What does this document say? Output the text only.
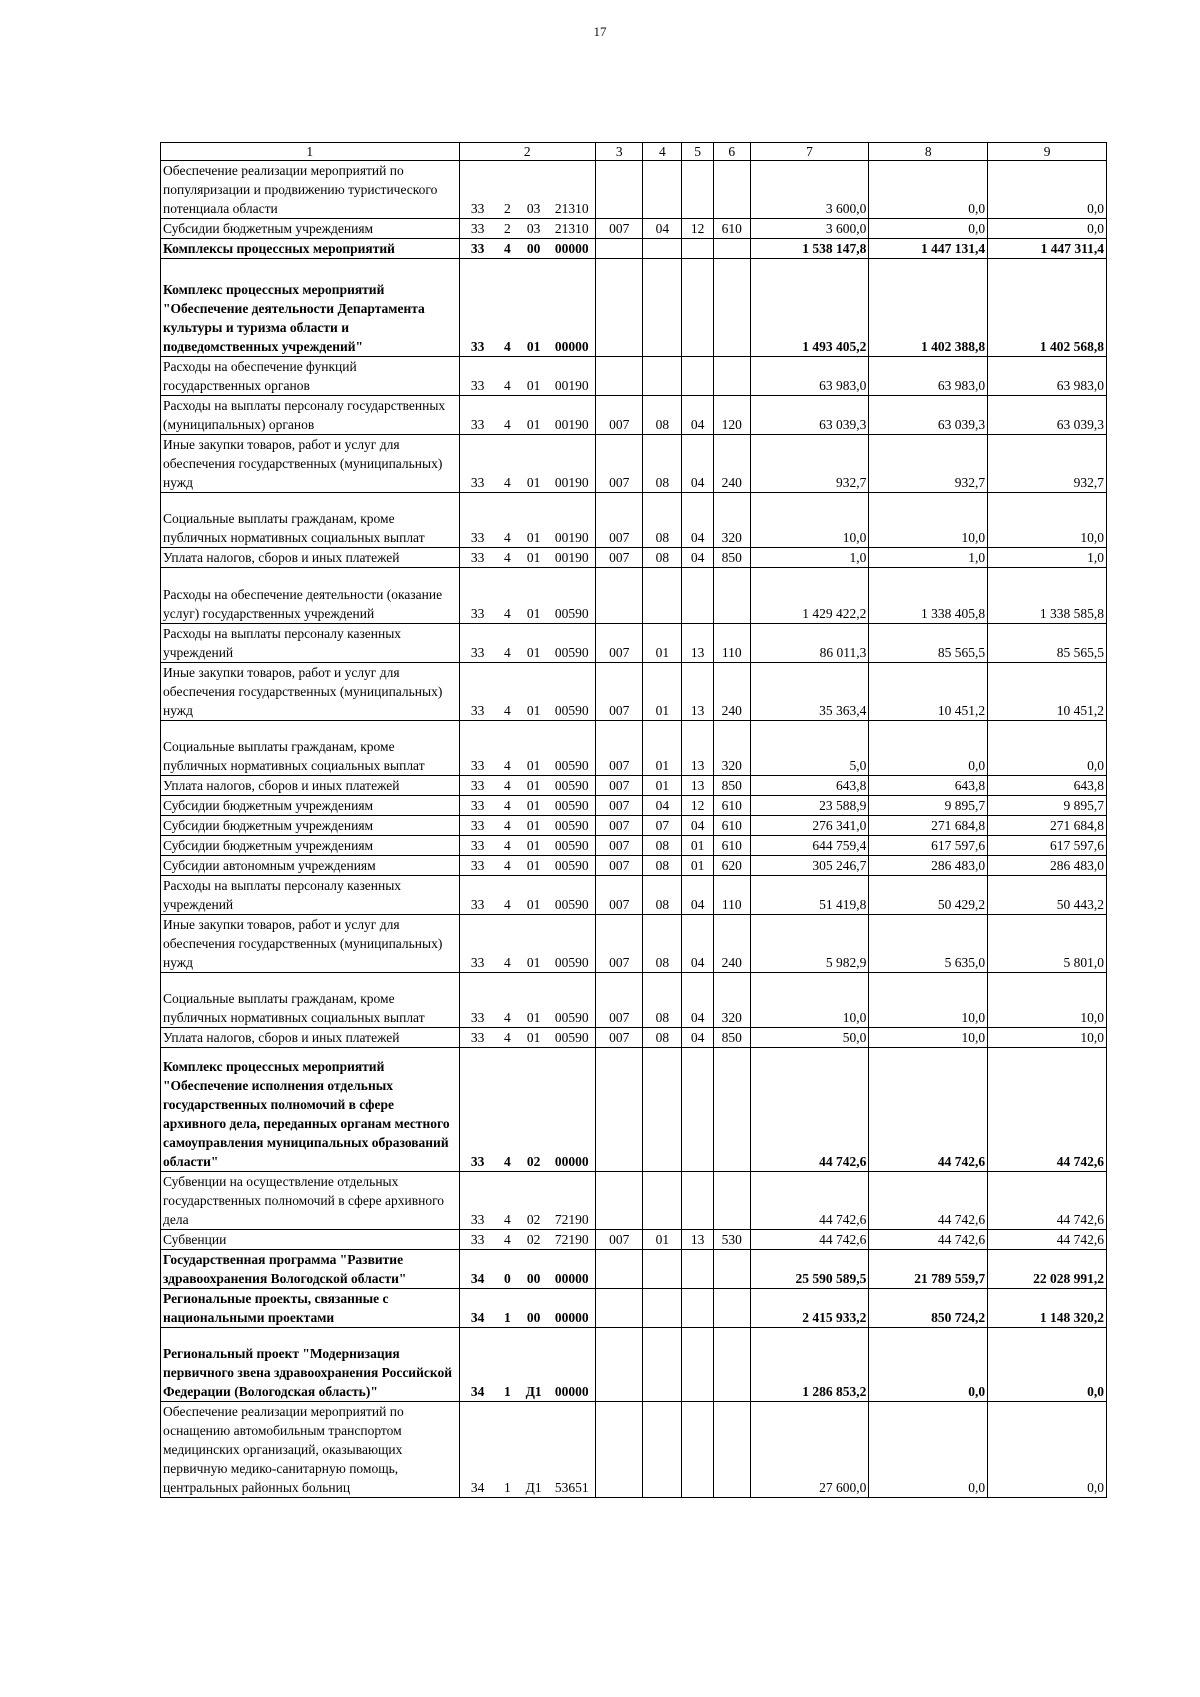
17
1	2				3	4	5	6	7	8	9
Обеспечение реализации мероприятий по популяризации и продвижению туристического потенциала области	33	2	03	21310					3 600,0	0,0	0,0
Субсидии бюджетным учреждениям	33	2	03	21310	007	04	12	610	3 600,0	0,0	0,0
Комплексы процессных мероприятий	33	4	00	00000					1 538 147,8	1 447 131,4	1 447 311,4
Комплекс процессных мероприятий "Обеспечение деятельности Департамента культуры и туризма области и подведомственных учреждений"	33	4	01	00000					1 493 405,2	1 402 388,8	1 402 568,8
Расходы на обеспечение функций государственных органов	33	4	01	00190					63 983,0	63 983,0	63 983,0
Расходы на выплаты персоналу государственных (муниципальных) органов	33	4	01	00190	007	08	04	120	63 039,3	63 039,3	63 039,3
Иные закупки товаров, работ и услуг для обеспечения государственных (муниципальных) нужд	33	4	01	00190	007	08	04	240	932,7	932,7	932,7
Социальные выплаты гражданам, кроме публичных нормативных социальных выплат	33	4	01	00190	007	08	04	320	10,0	10,0	10,0
Уплата налогов, сборов и иных платежей	33	4	01	00190	007	08	04	850	1,0	1,0	1,0
Расходы на обеспечение деятельности (оказание услуг) государственных учреждений	33	4	01	00590					1 429 422,2	1 338 405,8	1 338 585,8
Расходы на выплаты персоналу казенных учреждений	33	4	01	00590	007	01	13	110	86 011,3	85 565,5	85 565,5
Иные закупки товаров, работ и услуг для обеспечения государственных (муниципальных) нужд	33	4	01	00590	007	01	13	240	35 363,4	10 451,2	10 451,2
Социальные выплаты гражданам, кроме публичных нормативных социальных выплат	33	4	01	00590	007	01	13	320	5,0	0,0	0,0
Уплата налогов, сборов и иных платежей	33	4	01	00590	007	01	13	850	643,8	643,8	643,8
Субсидии бюджетным учреждениям	33	4	01	00590	007	04	12	610	23 588,9	9 895,7	9 895,7
Субсидии бюджетным учреждениям	33	4	01	00590	007	07	04	610	276 341,0	271 684,8	271 684,8
Субсидии бюджетным учреждениям	33	4	01	00590	007	08	01	610	644 759,4	617 597,6	617 597,6
Субсидии автономным учреждениям	33	4	01	00590	007	08	01	620	305 246,7	286 483,0	286 483,0
Расходы на выплаты персоналу казенных учреждений	33	4	01	00590	007	08	04	110	51 419,8	50 429,2	50 443,2
Иные закупки товаров, работ и услуг для обеспечения государственных (муниципальных) нужд	33	4	01	00590	007	08	04	240	5 982,9	5 635,0	5 801,0
Социальные выплаты гражданам, кроме публичных нормативных социальных выплат	33	4	01	00590	007	08	04	320	10,0	10,0	10,0
Уплата налогов, сборов и иных платежей	33	4	01	00590	007	08	04	850	50,0	10,0	10,0
Комплекс процессных мероприятий "Обеспечение исполнения отдельных государственных полномочий в сфере архивного дела, переданных органам местного самоуправления муниципальных образований области"	33	4	02	00000					44 742,6	44 742,6	44 742,6
Субвенции на осуществление отдельных государственных полномочий в сфере архивного дела	33	4	02	72190					44 742,6	44 742,6	44 742,6
Субвенции	33	4	02	72190	007	01	13	530	44 742,6	44 742,6	44 742,6
Государственная программа "Развитие здравоохранения Вологодской области"	34	0	00	00000					25 590 589,5	21 789 559,7	22 028 991,2
Региональные проекты, связанные с национальными проектами	34	1	00	00000					2 415 933,2	850 724,2	1 148 320,2
Региональный проект "Модернизация первичного звена здравоохранения Российской Федерации (Вологодская область)"	34	1	Д1	00000					1 286 853,2	0,0	0,0
Обеспечение реализации мероприятий по оснащению автомобильным транспортом медицинских организаций, оказывающих первичную медико-санитарную помощь, центральных районных больниц	34	1	Д1	53651					27 600,0	0,0	0,0
